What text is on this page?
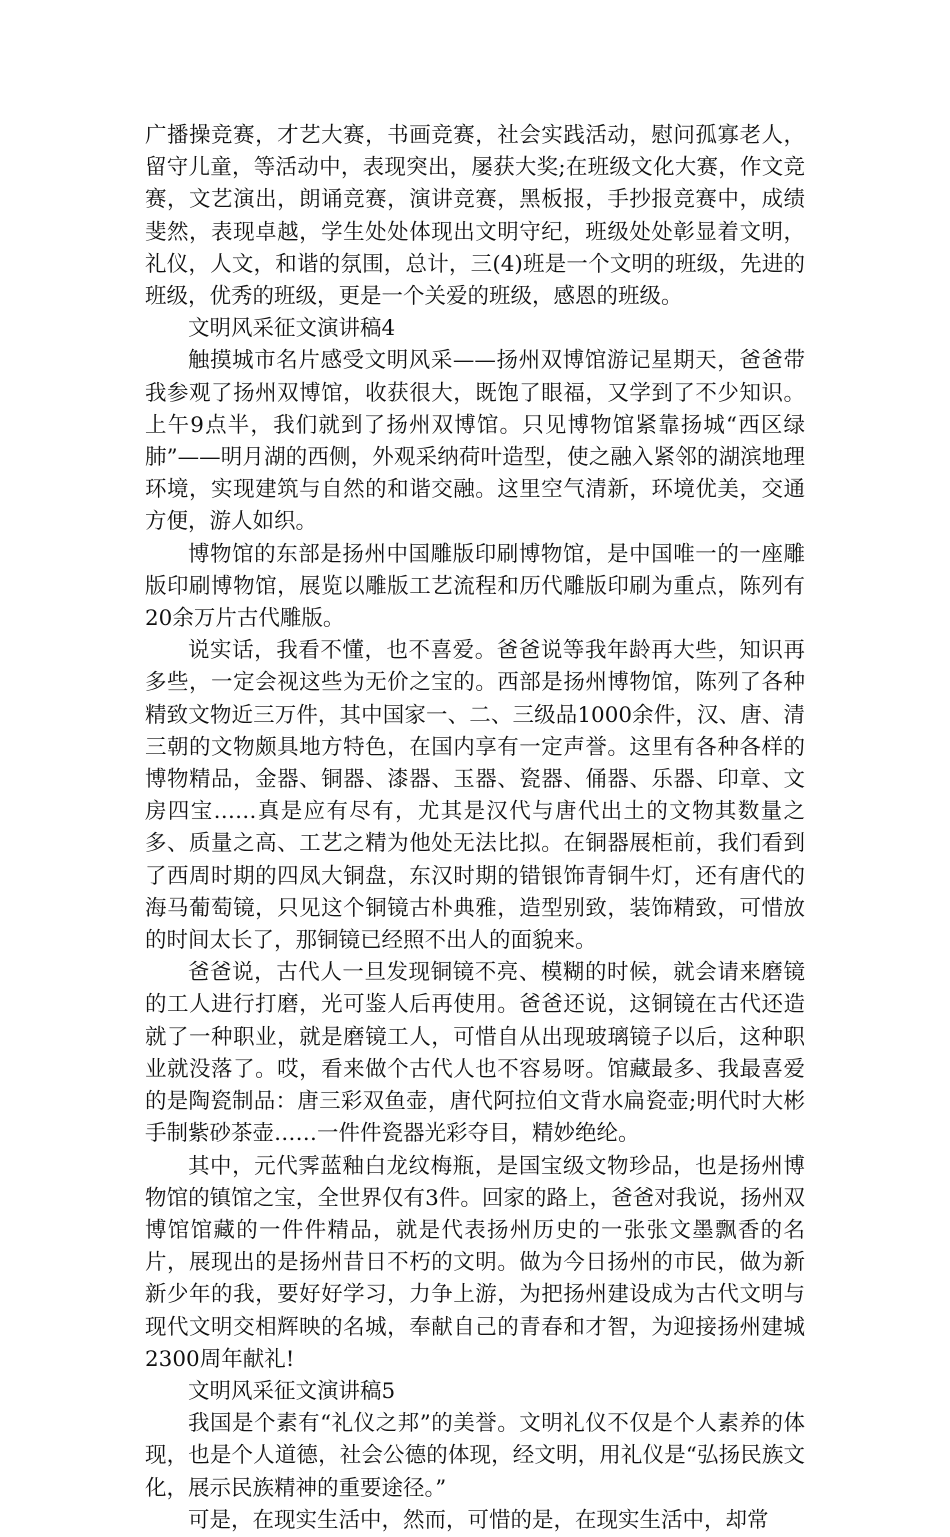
广播操竞赛，才艺大赛，书画竞赛，社会实践活动，慰问孤寡老人，留守儿童，等活动中，表现突出，屡获大奖;在班级文化大赛，作文竞赛，文艺演出，朗诵竞赛，演讲竞赛，黑板报，手抄报竞赛中，成绩斐然，表现卓越，学生处处体现出文明守纪，班级处处彰显着文明，礼仪，人文，和谐的氛围，总计，三(4)班是一个文明的班级，先进的班级，优秀的班级，更是一个关爱的班级，感恩的班级。

文明风采征文演讲稿4

触摸城市名片感受文明风采——扬州双博馆游记星期天，爸爸带我参观了扬州双博馆，收获很大，既饱了眼福，又学到了不少知识。上午9点半，我们就到了扬州双博馆。只见博物馆紧靠扬城“西区绿肺”——明月湖的西侧，外观采纳荷叶造型，使之融入紧邻的湖滨地理环境，实现建筑与自然的和谐交融。这里空气清新，环境优美，交通方便，游人如织。

博物馆的东部是扬州中国雕版印刷博物馆，是中国唯一的一座雕版印刷博物馆，展览以雕版工艺流程和历代雕版印刷为重点，陈列有20余万片古代雕版。

说实话，我看不懂，也不喜爱。爸爸说等我年龄再大些，知识再多些，一定会视这些为无价之宝的。西部是扬州博物馆，陈列了各种精致文物近三万件，其中国家一、二、三级品1000余件，汉、唐、清三朝的文物颇具地方特色，在国内享有一定声誉。这里有各种各样的博物精品，金器、铜器、漆器、玉器、瓷器、俑器、乐器、印章、文房四宝……真是应有尽有，尤其是汉代与唐代出土的文物其数量之多、质量之高、工艺之精为他处无法比拟。在铜器展柜前，我们看到了西周时期的四凤大铜盘，东汉时期的错银饰青铜牛灯，还有唐代的海马葡萄镜，只见这个铜镜古朴典雅，造型别致，装饰精致，可惜放的时间太长了，那铜镜已经照不出人的面貌来。

爸爸说，古代人一旦发现铜镜不亮、模糊的时候，就会请来磨镜的工人进行打磨，光可鉴人后再使用。爸爸还说，这铜镜在古代还造就了一种职业，就是磨镜工人，可惜自从出现玻璃镜子以后，这种职业就没落了。哎，看来做个古代人也不容易呀。馆藏最多、我最喜爱的是陶瓷制品：唐三彩双鱼壶，唐代阿拉伯文背水扁瓷壶;明代时大彬手制紫砂茶壶……一件件瓷器光彩夺目，精妙绝纶。

其中，元代霁蓝釉白龙纹梅瓶，是国宝级文物珍品，也是扬州博物馆的镇馆之宝，全世界仅有3件。回家的路上，爸爸对我说，扬州双博馆馆藏的一件件精品，就是代表扬州历史的一张张文墨飘香的名片，展现出的是扬州昔日不朽的文明。做为今日扬州的市民，做为新新少年的我，要好好学习，力争上游，为把扬州建设成为古代文明与现代文明交相辉映的名城，奉献自己的青春和才智，为迎接扬州建城2300周年献礼!

文明风采征文演讲稿5

我国是个素有“礼仪之邦”的美誉。文明礼仪不仅是个人素养的体现，也是个人道德，社会公德的体现，经文明，用礼仪是“弘扬民族文化，展示民族精神的重要途径。”

可是，在现实生活中，然而，可惜的是，在现实生活中，却常
